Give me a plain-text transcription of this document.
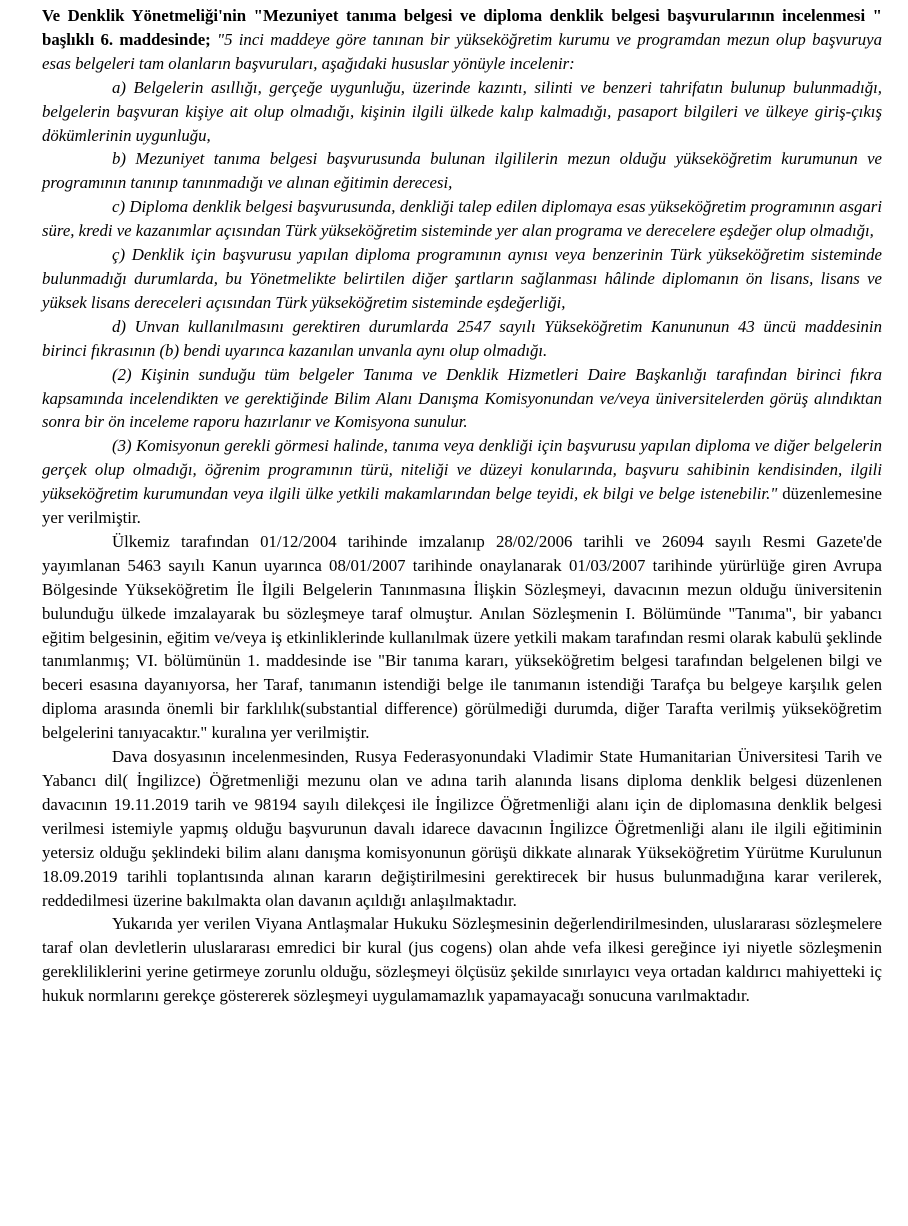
Ve Denklik Yönetmeliği'nin "Mezuniyet tanıma belgesi ve diploma denklik belgesi başvurularının incelenmesi " başlıklı 6. maddesinde; "5 inci maddeye göre tanınan bir yükseköğretim kurumu ve programdan mezun olup başvuruya esas belgeleri tam olanların başvuruları, aşağıdaki hususlar yönüyle incelenir:

a) Belgelerin asıllığı, gerçeğe uygunluğu, üzerinde kazıntı, silinti ve benzeri tahrifatın bulunup bulunmadığı, belgelerin başvuran kişiye ait olup olmadığı, kişinin ilgili ülkede kalıp kalmadığı, pasaport bilgileri ve ülkeye giriş-çıkış dökümlerinin uygunluğu,

b) Mezuniyet tanıma belgesi başvurusunda bulunan ilgililerin mezun olduğu yükseköğretim kurumunun ve programının tanınıp tanınmadığı ve alınan eğitimin derecesi,

c) Diploma denklik belgesi başvurusunda, denkliği talep edilen diplomaya esas yükseköğretim programının asgari süre, kredi ve kazanımlar açısından Türk yükseköğretim sisteminde yer alan programa ve derecelere eşdeğer olup olmadığı,

ç) Denklik için başvurusu yapılan diploma programının aynısı veya benzerinin Türk yükseköğretim sisteminde bulunmadığı durumlarda, bu Yönetmelikte belirtilen diğer şartların sağlanması hâlinde diplomanın ön lisans, lisans ve yüksek lisans dereceleri açısından Türk yükseköğretim sisteminde eşdeğerliği,

d) Unvan kullanılmasını gerektiren durumlarda 2547 sayılı Yükseköğretim Kanununun 43 üncü maddesinin birinci fıkrasının (b) bendi uyarınca kazanılan unvanla aynı olup olmadığı.

(2) Kişinin sunduğu tüm belgeler Tanıma ve Denklik Hizmetleri Daire Başkanlığı tarafından birinci fıkra kapsamında incelendikten ve gerektiğinde Bilim Alanı Danışma Komisyonundan ve/veya üniversitelerden görüş alındıktan sonra bir ön inceleme raporu hazırlanır ve Komisyona sunulur.

(3) Komisyonun gerekli görmesi halinde, tanıma veya denkliği için başvurusu yapılan diploma ve diğer belgelerin gerçek olup olmadığı, öğrenim programının türü, niteliği ve düzeyi konularında, başvuru sahibinin kendisinden, ilgili yükseköğretim kurumundan veya ilgili ülke yetkili makamlarından belge teyidi, ek bilgi ve belge istenebilir." düzenlemesine yer verilmiştir.

Ülkemiz tarafından 01/12/2004 tarihinde imzalanıp 28/02/2006 tarihli ve 26094 sayılı Resmi Gazete'de yayımlanan 5463 sayılı Kanun uyarınca 08/01/2007 tarihinde onaylanarak 01/03/2007 tarihinde yürürlüğe giren Avrupa Bölgesinde Yükseköğretim İle İlgili Belgelerin Tanınmasına İlişkin Sözleşmeyi, davacının mezun olduğu üniversitenin bulunduğu ülkede imzalayarak bu sözleşmeye taraf olmuştur. Anılan Sözleşmenin I. Bölümünde "Tanıma", bir yabancı eğitim belgesinin, eğitim ve/veya iş etkinliklerinde kullanılmak üzere yetkili makam tarafından resmi olarak kabulü şeklinde tanımlanmış; VI. bölümünün 1. maddesinde ise "Bir tanıma kararı, yükseköğretim belgesi tarafından belgelenen bilgi ve beceri esasına dayanıyorsa, her Taraf, tanımanın istendiği belge ile tanımanın istendiği Tarafça bu belgeye karşılık gelen diploma arasında önemli bir farklılık(substantial difference) görülmediği durumda, diğer Tarafta verilmiş yükseköğretim belgelerini tanıyacaktır." kuralına yer verilmiştir.

Dava dosyasının incelenmesinden, Rusya Federasyonundaki Vladimir State Humanitarian Üniversitesi Tarih ve Yabancı dil( İngilizce) Öğretmenliği mezunu olan ve adına tarih alanında lisans diploma denklik belgesi düzenlenen davacının 19.11.2019 tarih ve 98194 sayılı dilekçesi ile İngilizce Öğretmenliği alanı için de diplomasına denklik belgesi verilmesi istemiyle yapmış olduğu başvurunun davalı idarece davacının İngilizce Öğretmenliği alanı ile ilgili eğitiminin yetersiz olduğu şeklindeki bilim alanı danışma komisyonunun görüşü dikkate alınarak Yükseköğretim Yürütme Kurulunun 18.09.2019 tarihli toplantısında alınan kararın değiştirilmesini gerektirecek bir husus bulunmadığına karar verilerek, reddedilmesi üzerine bakılmakta olan davanın açıldığı anlaşılmaktadır.

Yukarıda yer verilen Viyana Antlaşmalar Hukuku Sözleşmesinin değerlendirilmesinden, uluslararası sözleşmelere taraf olan devletlerin uluslararası emredici bir kural (jus cogens) olan ahde vefa ilkesi gereğince iyi niyetle sözleşmenin gerekliliklerini yerine getirmeye zorunlu olduğu, sözleşmeyi ölçüsüz şekilde sınırlayıcı veya ortadan kaldırıcı mahiyetteki iç hukuk normlarını gerekçe göstererek sözleşmeyi uygulamamazlık yapamayacağı sonucuna varılmaktadır.
